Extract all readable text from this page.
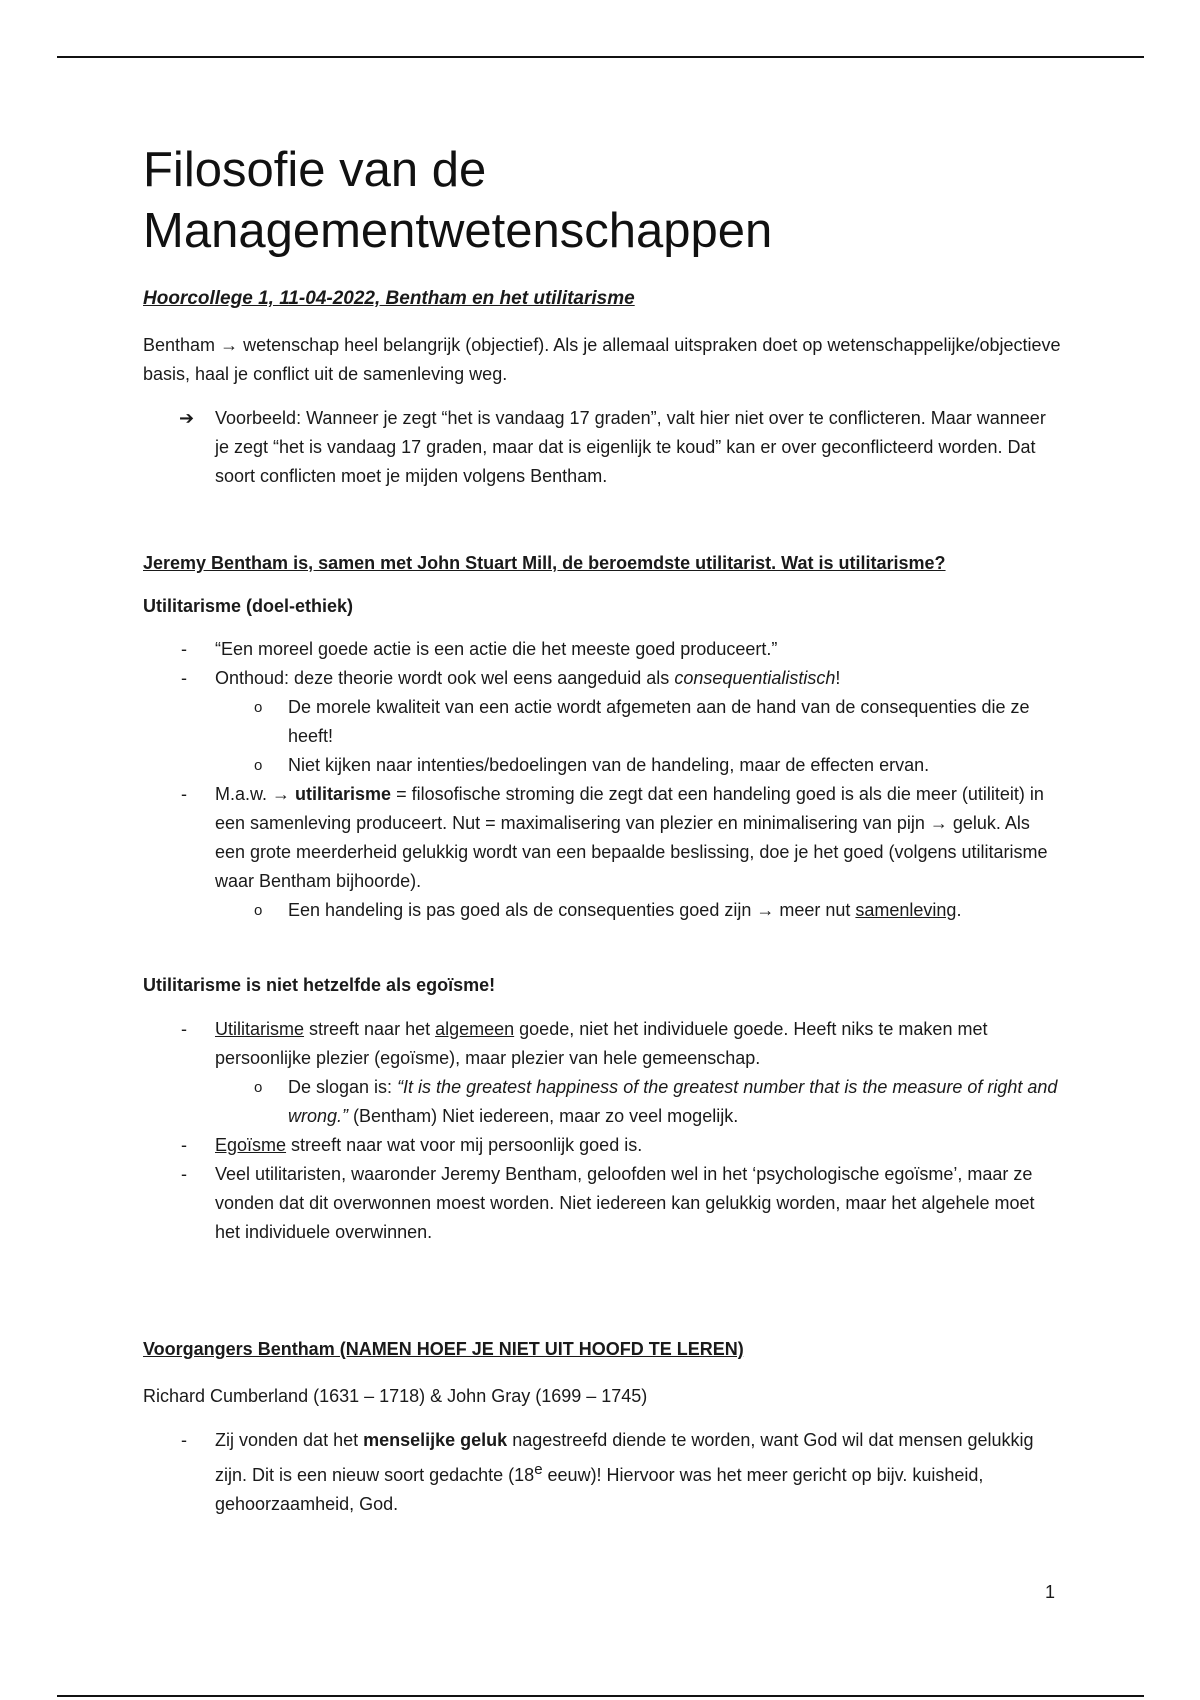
Filosofie van de Managementwetenschappen

Hoorcollege 1, 11-04-2022, Bentham en het utilitarisme

Bentham → wetenschap heel belangrijk (objectief). Als je allemaal uitspraken doet op wetenschappelijke/objectieve basis, haal je conflict uit de samenleving weg.

➔ Voorbeeld: Wanneer je zegt “het is vandaag 17 graden”, valt hier niet over te conflicteren. Maar wanneer je zegt “het is vandaag 17 graden, maar dat is eigenlijk te koud” kan er over geconflicteerd worden. Dat soort conflicten moet je mijden volgens Bentham.

Jeremy Bentham is, samen met John Stuart Mill, de beroemdste utilitarist. Wat is utilitarisme?

Utilitarisme (doel-ethiek)

- “Een moreel goede actie is een actie die het meeste goed produceert.”
- Onthoud: deze theorie wordt ook wel eens aangeduid als consequentialistisch!
o De morele kwaliteit van een actie wordt afgemeten aan de hand van de consequenties die ze heeft!
o Niet kijken naar intenties/bedoelingen van de handeling, maar de effecten ervan.
- M.a.w. → utilitarisme = filosofische stroming die zegt dat een handeling goed is als die meer (utiliteit) in een samenleving produceert. Nut = maximalisering van plezier en minimalisering van pijn → geluk. Als een grote meerderheid gelukkig wordt van een bepaalde beslissing, doe je het goed (volgens utilitarisme waar Bentham bijhoorde).
o Een handeling is pas goed als de consequenties goed zijn → meer nut samenleving.

Utilitarisme is niet hetzelfde als egoïsme!

- Utilitarisme streeft naar het algemeen goede, niet het individuele goede. Heeft niks te maken met persoonlijke plezier (egoïsme), maar plezier van hele gemeenschap.
o De slogan is: “It is the greatest happiness of the greatest number that is the measure of right and wrong.” (Bentham) Niet iedereen, maar zo veel mogelijk.
- Egoïsme streeft naar wat voor mij persoonlijk goed is.
- Veel utilitaristen, waaronder Jeremy Bentham, geloofden wel in het ‘psychologische egoïsme’, maar ze vonden dat dit overwonnen moest worden. Niet iedereen kan gelukkig worden, maar het algehele moet het individuele overwinnen.

Voorgangers Bentham (NAMEN HOEF JE NIET UIT HOOFD TE LEREN)

Richard Cumberland (1631 – 1718) & John Gray (1699 – 1745)

- Zij vonden dat het menselijke geluk nagestreefd diende te worden, want God wil dat mensen gelukkig zijn. Dit is een nieuw soort gedachte (18e eeuw)! Hiervoor was het meer gericht op bijv. kuisheid, gehoorzaamheid, God.
1
